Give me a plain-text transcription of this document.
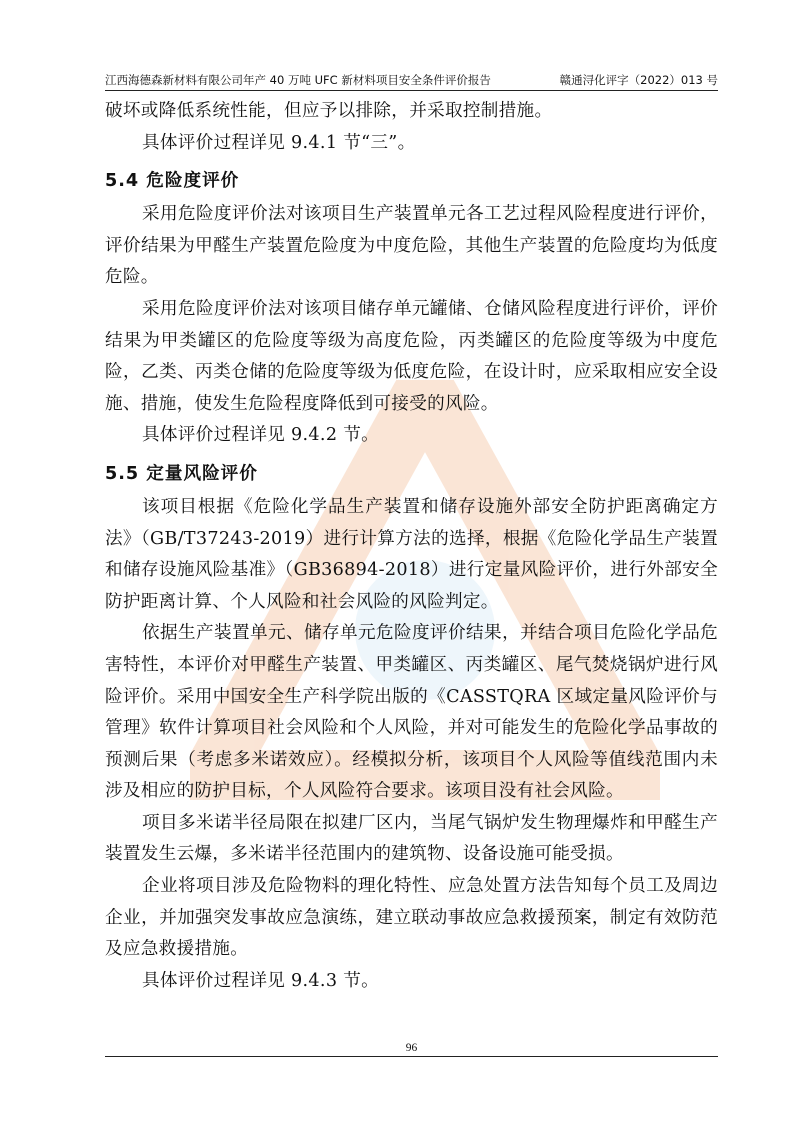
江西海德森新材料有限公司年产 40 万吨 UFC 新材料项目安全条件评价报告	赣通浔化评字（2022）013 号

破坏或降低系统性能，但应予以排除，并采取控制措施。

具体评价过程详见 9.4.1 节“三”。

5.4 危险度评价

采用危险度评价法对该项目生产装置单元各工艺过程风险程度进行评价，评价结果为甲醛生产装置危险度为中度危险，其他生产装置的危险度均为低度危险。

采用危险度评价法对该项目储存单元罐储、仓储风险程度进行评价，评价结果为甲类罐区的危险度等级为高度危险，丙类罐区的危险度等级为中度危险，乙类、丙类仓储的危险度等级为低度危险，在设计时，应采取相应安全设施、措施，使发生危险程度降低到可接受的风险。

具体评价过程详见 9.4.2 节。

5.5 定量风险评价

该项目根据《危险化学品生产装置和储存设施外部安全防护距离确定方法》（GB/T37243-2019）进行计算方法的选择，根据《危险化学品生产装置和储存设施风险基准》（GB36894-2018）进行定量风险评价，进行外部安全防护距离计算、个人风险和社会风险的风险判定。

依据生产装置单元、储存单元危险度评价结果，并结合项目危险化学品危害特性，本评价对甲醛生产装置、甲类罐区、丙类罐区、尾气焚烧锅炉进行风险评价。采用中国安全生产科学院出版的《CASSTQRA 区域定量风险评价与管理》软件计算项目社会风险和个人风险，并对可能发生的危险化学品事故的预测后果（考虑多米诺效应）。经模拟分析，该项目个人风险等值线范围内未涉及相应的防护目标，个人风险符合要求。该项目没有社会风险。

项目多米诺半径局限在拟建厂区内，当尾气锅炉发生物理爆炸和甲醛生产装置发生云爆，多米诺半径范围内的建筑物、设备设施可能受损。

企业将项目涉及危险物料的理化特性、应急处置方法告知每个员工及周边企业，并加强突发事故应急演练，建立联动事故应急救援预案，制定有效防范及应急救援措施。

具体评价过程详见 9.4.3 节。

96
